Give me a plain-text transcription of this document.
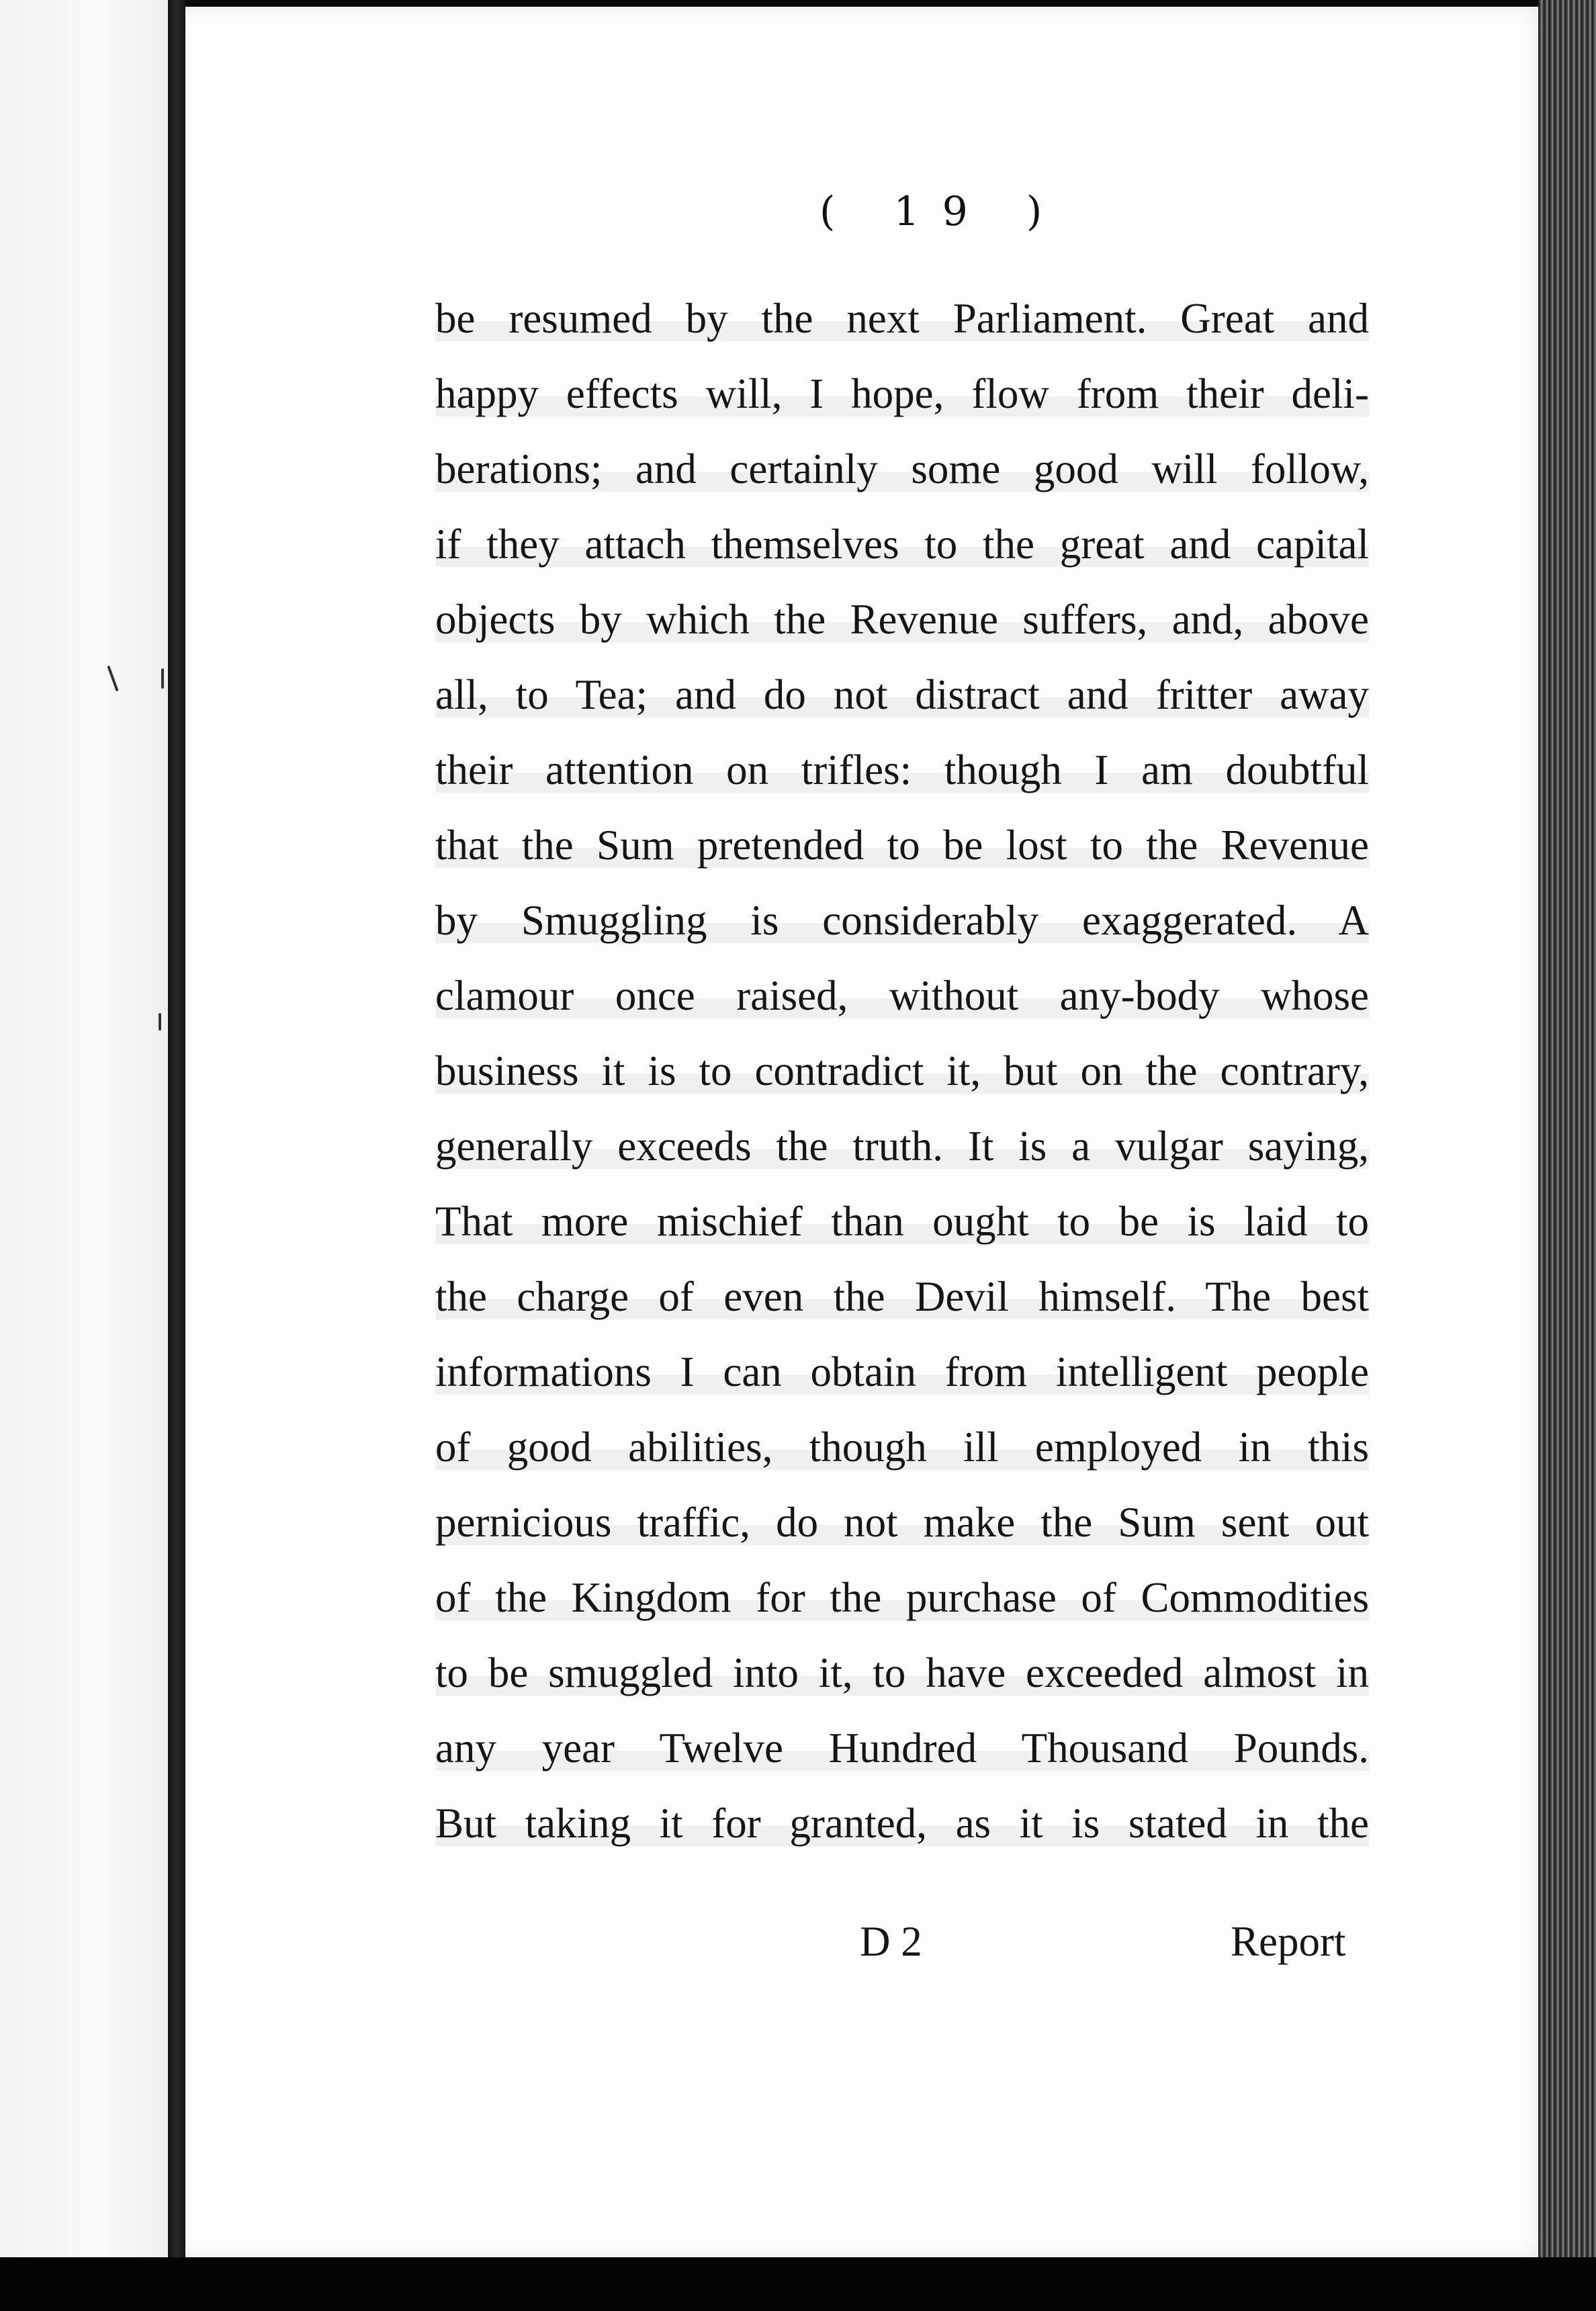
( 19 )
be resumed by the next Parliament. Great and
happy effects will, I hope, flow from their deli-
berations; and certainly some good will follow,
if they attach themselves to the great and capital
objects by which the Revenue suffers, and, above
all, to Tea; and do not distract and fritter away
their attention on trifles: though I am doubtful
that the Sum pretended to be lost to the Revenue
by Smuggling is considerably exaggerated. A
clamour once raised, without any-body whose
business it is to contradict it, but on the contrary,
generally exceeds the truth. It is a vulgar saying,
That more mischief than ought to be is laid to
the charge of even the Devil himself. The best
informations I can obtain from intelligent people
of good abilities, though ill employed in this
pernicious traffic, do not make the Sum sent out
of the Kingdom for the purchase of Commodities
to be smuggled into it, to have exceeded almost in
any year Twelve Hundred Thousand Pounds.
But taking it for granted, as it is stated in the
D 2	Report
